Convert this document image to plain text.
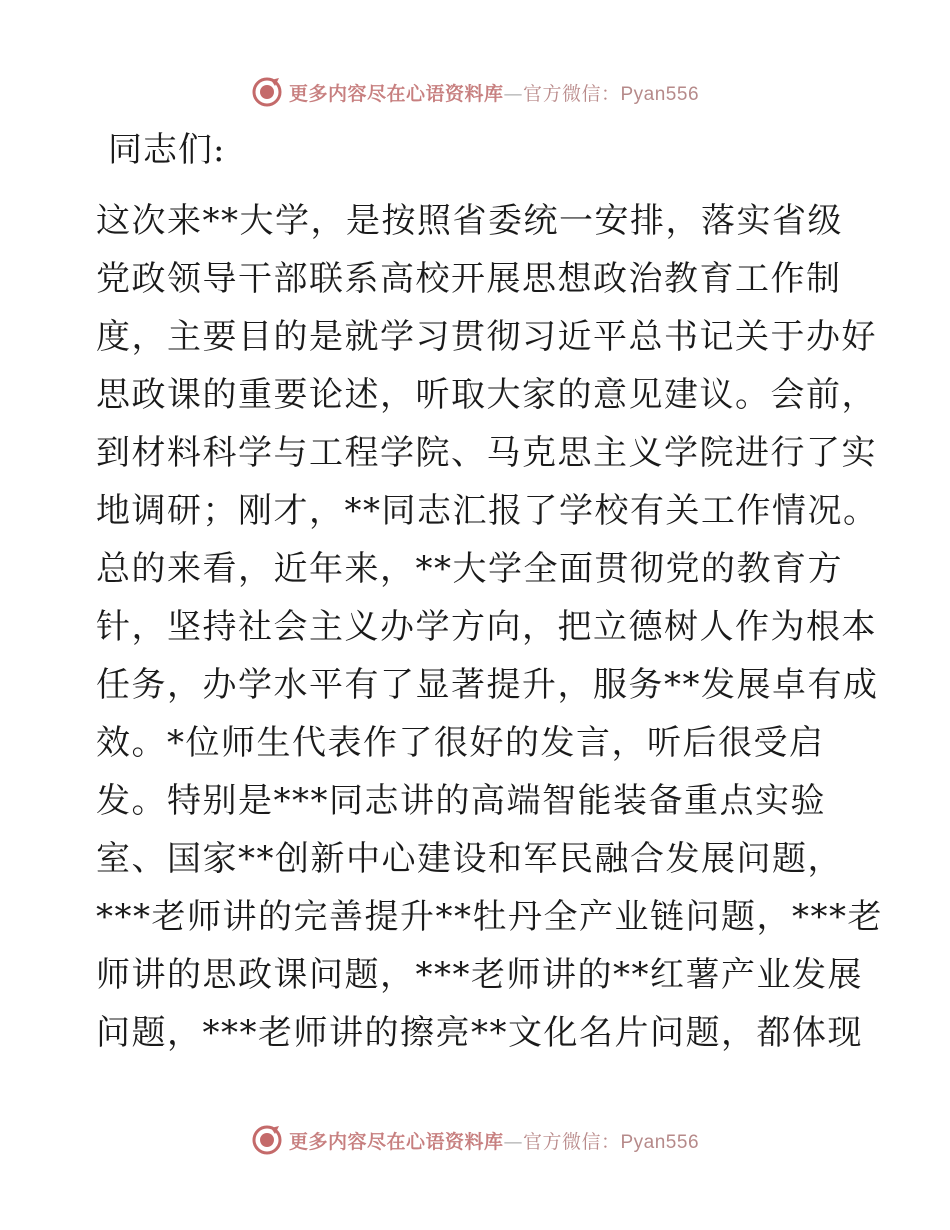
更多内容尽在心语资料库—官方微信：Pyan556
同志们:
这次来**大学，是按照省委统一安排，落实省级
党政领导干部联系高校开展思想政治教育工作制
度，主要目的是就学习贯彻习近平总书记关于办好
思政课的重要论述，听取大家的意见建议。会前，
到材料科学与工程学院、马克思主义学院进行了实
地调研；刚才，**同志汇报了学校有关工作情况。
总的来看，近年来，**大学全面贯彻党的教育方
针，坚持社会主义办学方向，把立德树人作为根本
任务，办学水平有了显著提升，服务**发展卓有成
效。*位师生代表作了很好的发言，听后很受启
发。特别是***同志讲的高端智能装备重点实验
室、国家**创新中心建设和军民融合发展问题，
***老师讲的完善提升**牡丹全产业链问题，***老
师讲的思政课问题，***老师讲的**红薯产业发展
问题，***老师讲的擦亮**文化名片问题，都体现
更多内容尽在心语资料库—官方微信：Pyan556
